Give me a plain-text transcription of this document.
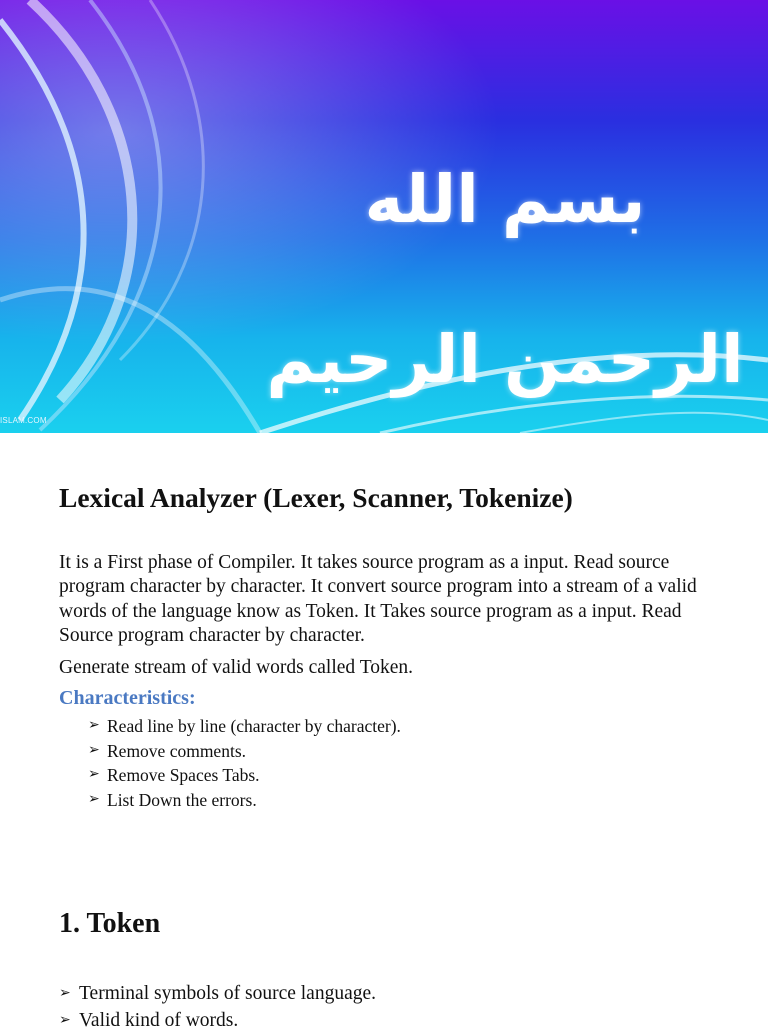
بسم الله الرحمن الرحيم
ISLAM.COM
Lexical Analyzer (Lexer, Scanner, Tokenize)

It is a First phase of Compiler. It takes source program as a input. Read source program character by character. It convert source program into a stream of a valid words of the language know as Token. It Takes source program as a input. Read Source program character by character.

Generate stream of valid words called Token.

Characteristics:
➢ Read line by line (character by character).
➢ Remove comments.
➢ Remove Spaces Tabs.
➢ List Down the errors.
1. Token
➢ Terminal symbols of source language.
➢ Valid kind of words.
